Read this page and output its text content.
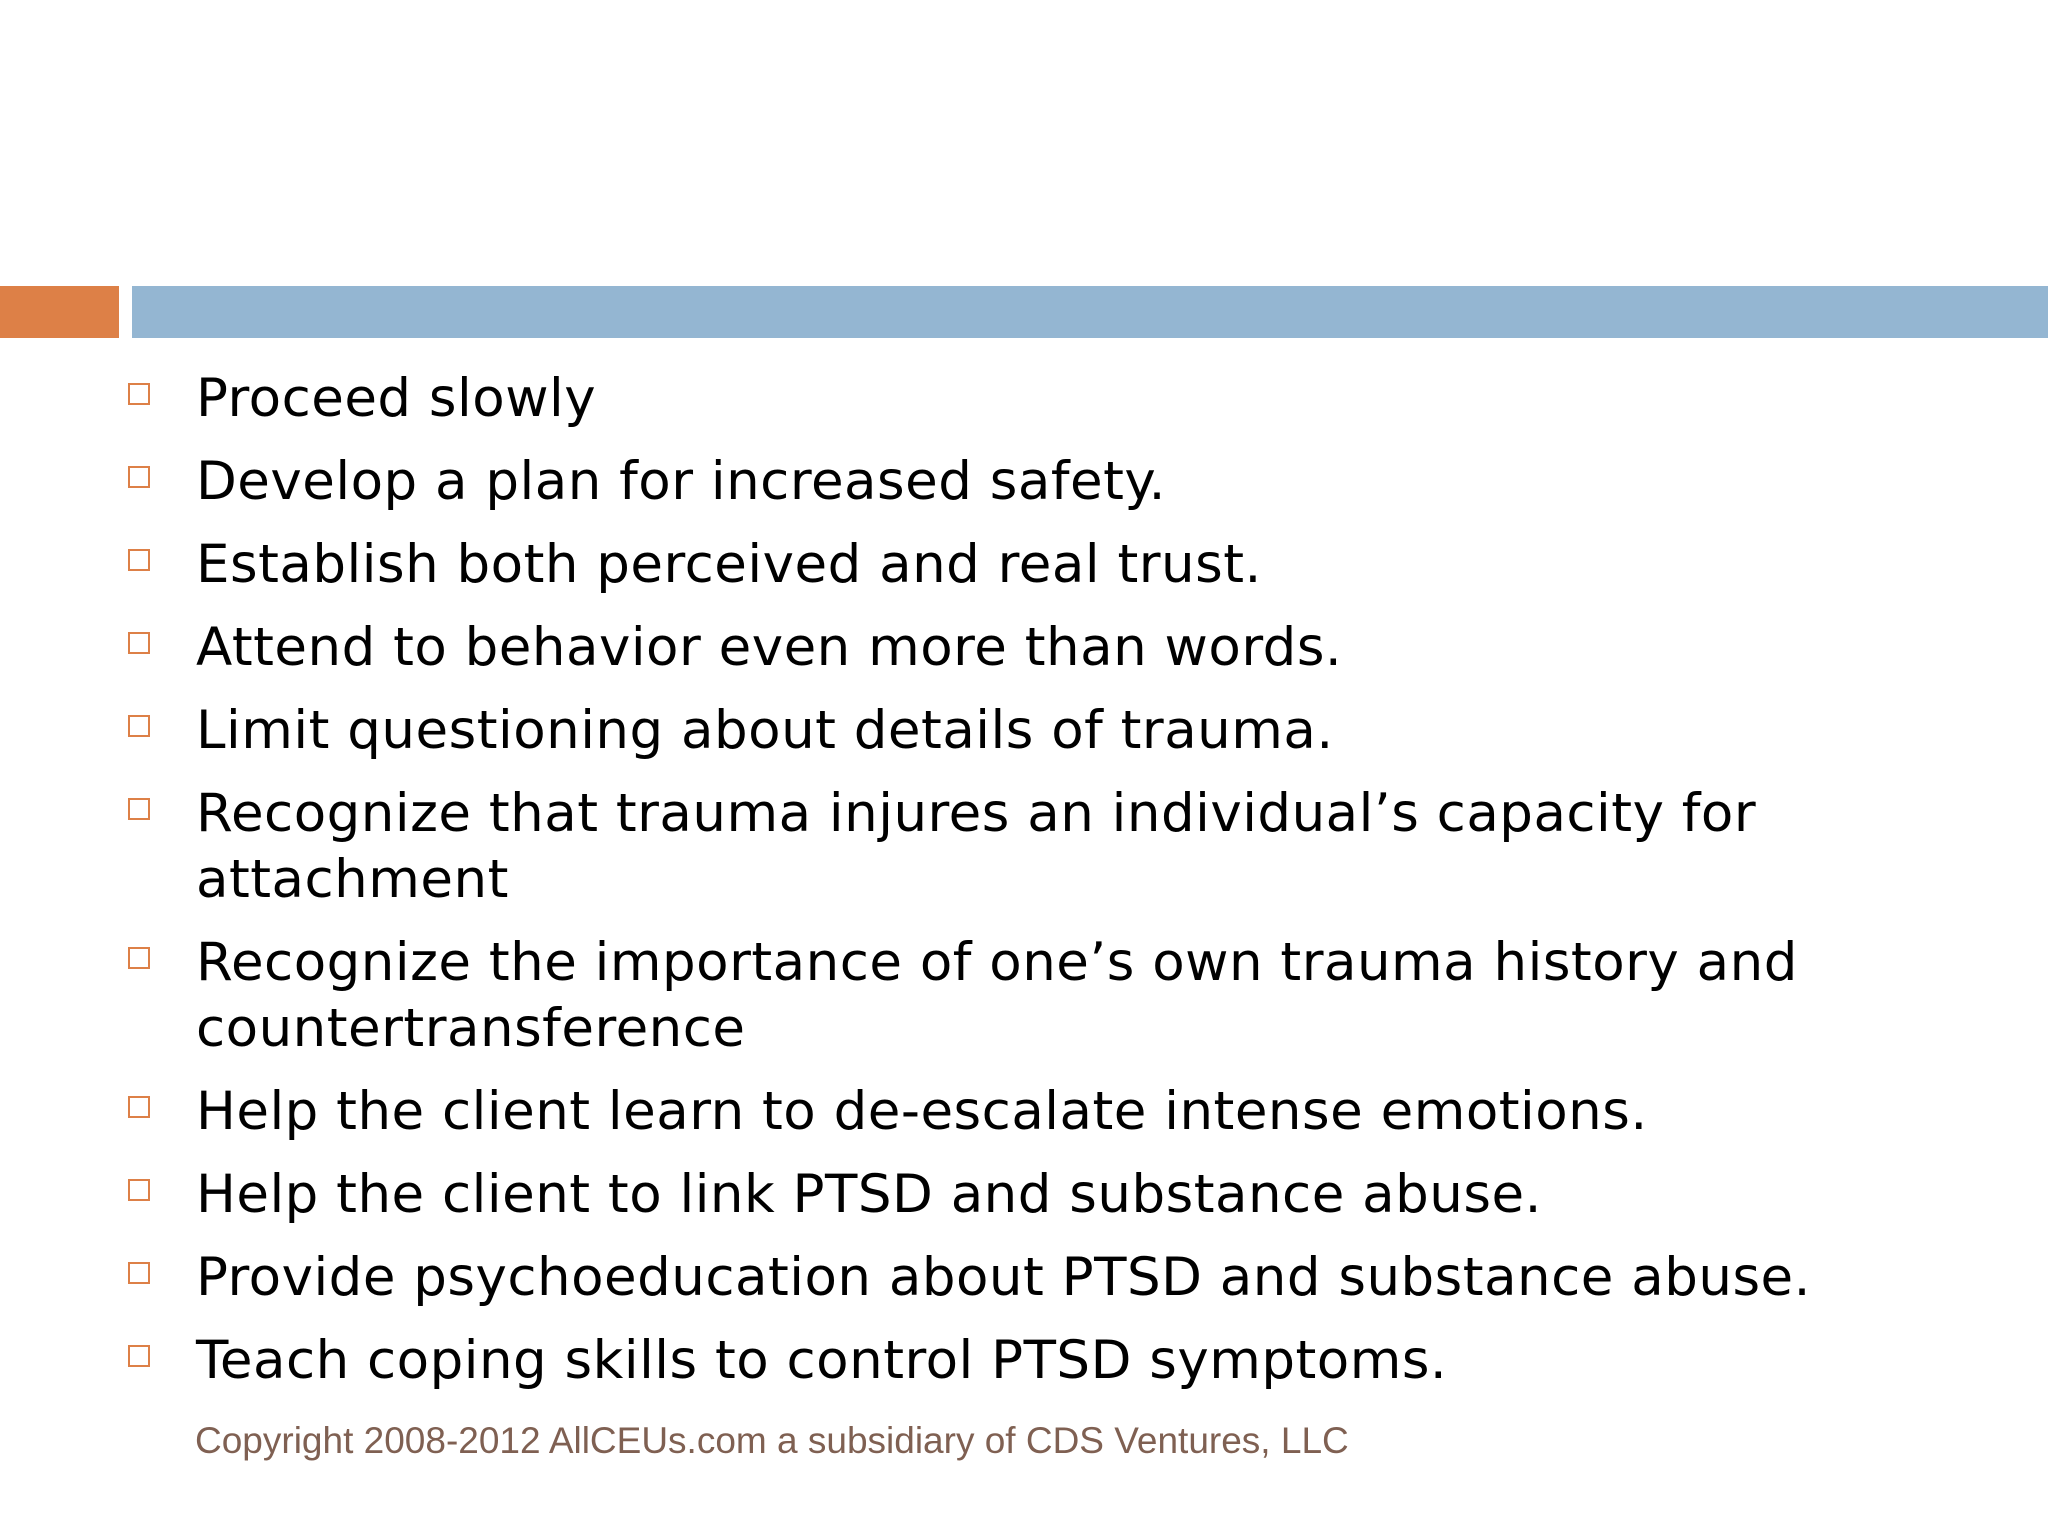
Proceed slowly
Develop a plan for increased safety.
Establish both perceived and real trust.
Attend to behavior even more than words.
Limit questioning about details of trauma.
Recognize that trauma injures an individual’s capacity for attachment
Recognize the importance of one’s own trauma history and countertransference
Help the client learn to de-escalate intense emotions.
Help the client to link PTSD and substance abuse.
Provide psychoeducation about PTSD and substance abuse.
Teach coping skills to control PTSD symptoms.
Copyright 2008-2012 AllCEUs.com a subsidiary of CDS Ventures, LLC
